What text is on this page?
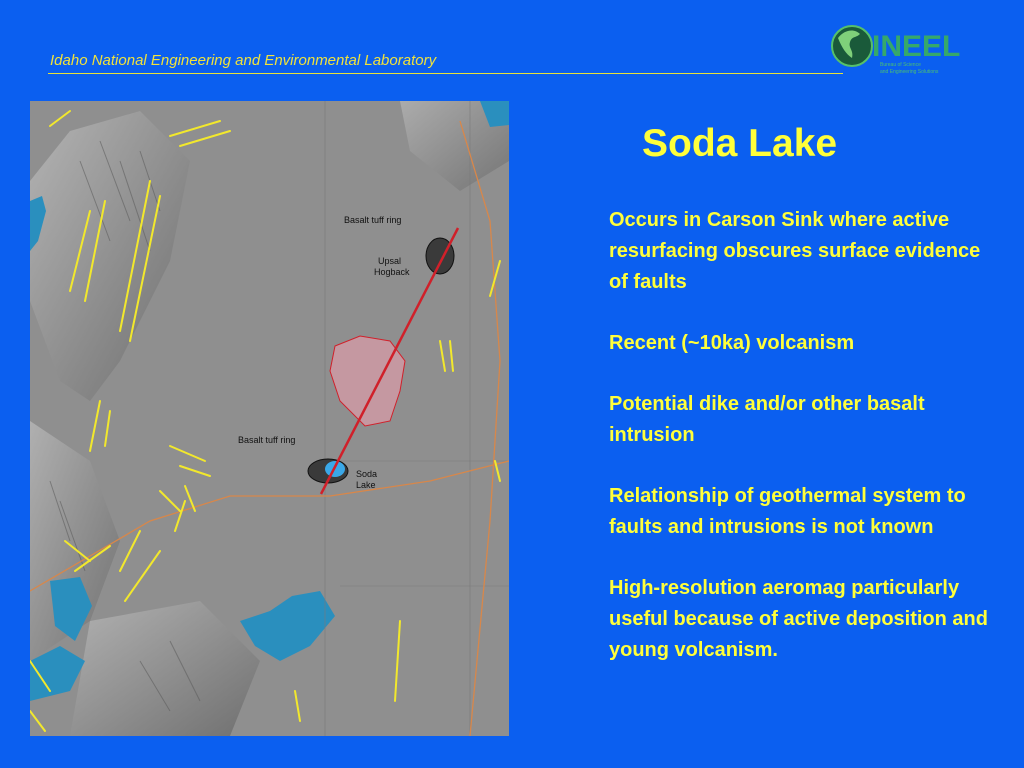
Idaho National Engineering and Environmental Laboratory	INEEL
Bureau of Science
and Engineering Solutions
Basalt tuff ring
Upsal
Hogback
Basalt tuff ring
Soda
Lake
Soda Lake
Occurs in Carson Sink where active resurfacing obscures surface evidence of faults
Recent (~10ka) volcanism
Potential dike and/or other basalt intrusion
Relationship of geothermal system to faults and intrusions is not known
High-resolution aeromag particularly useful because of active deposition and young volcanism.
